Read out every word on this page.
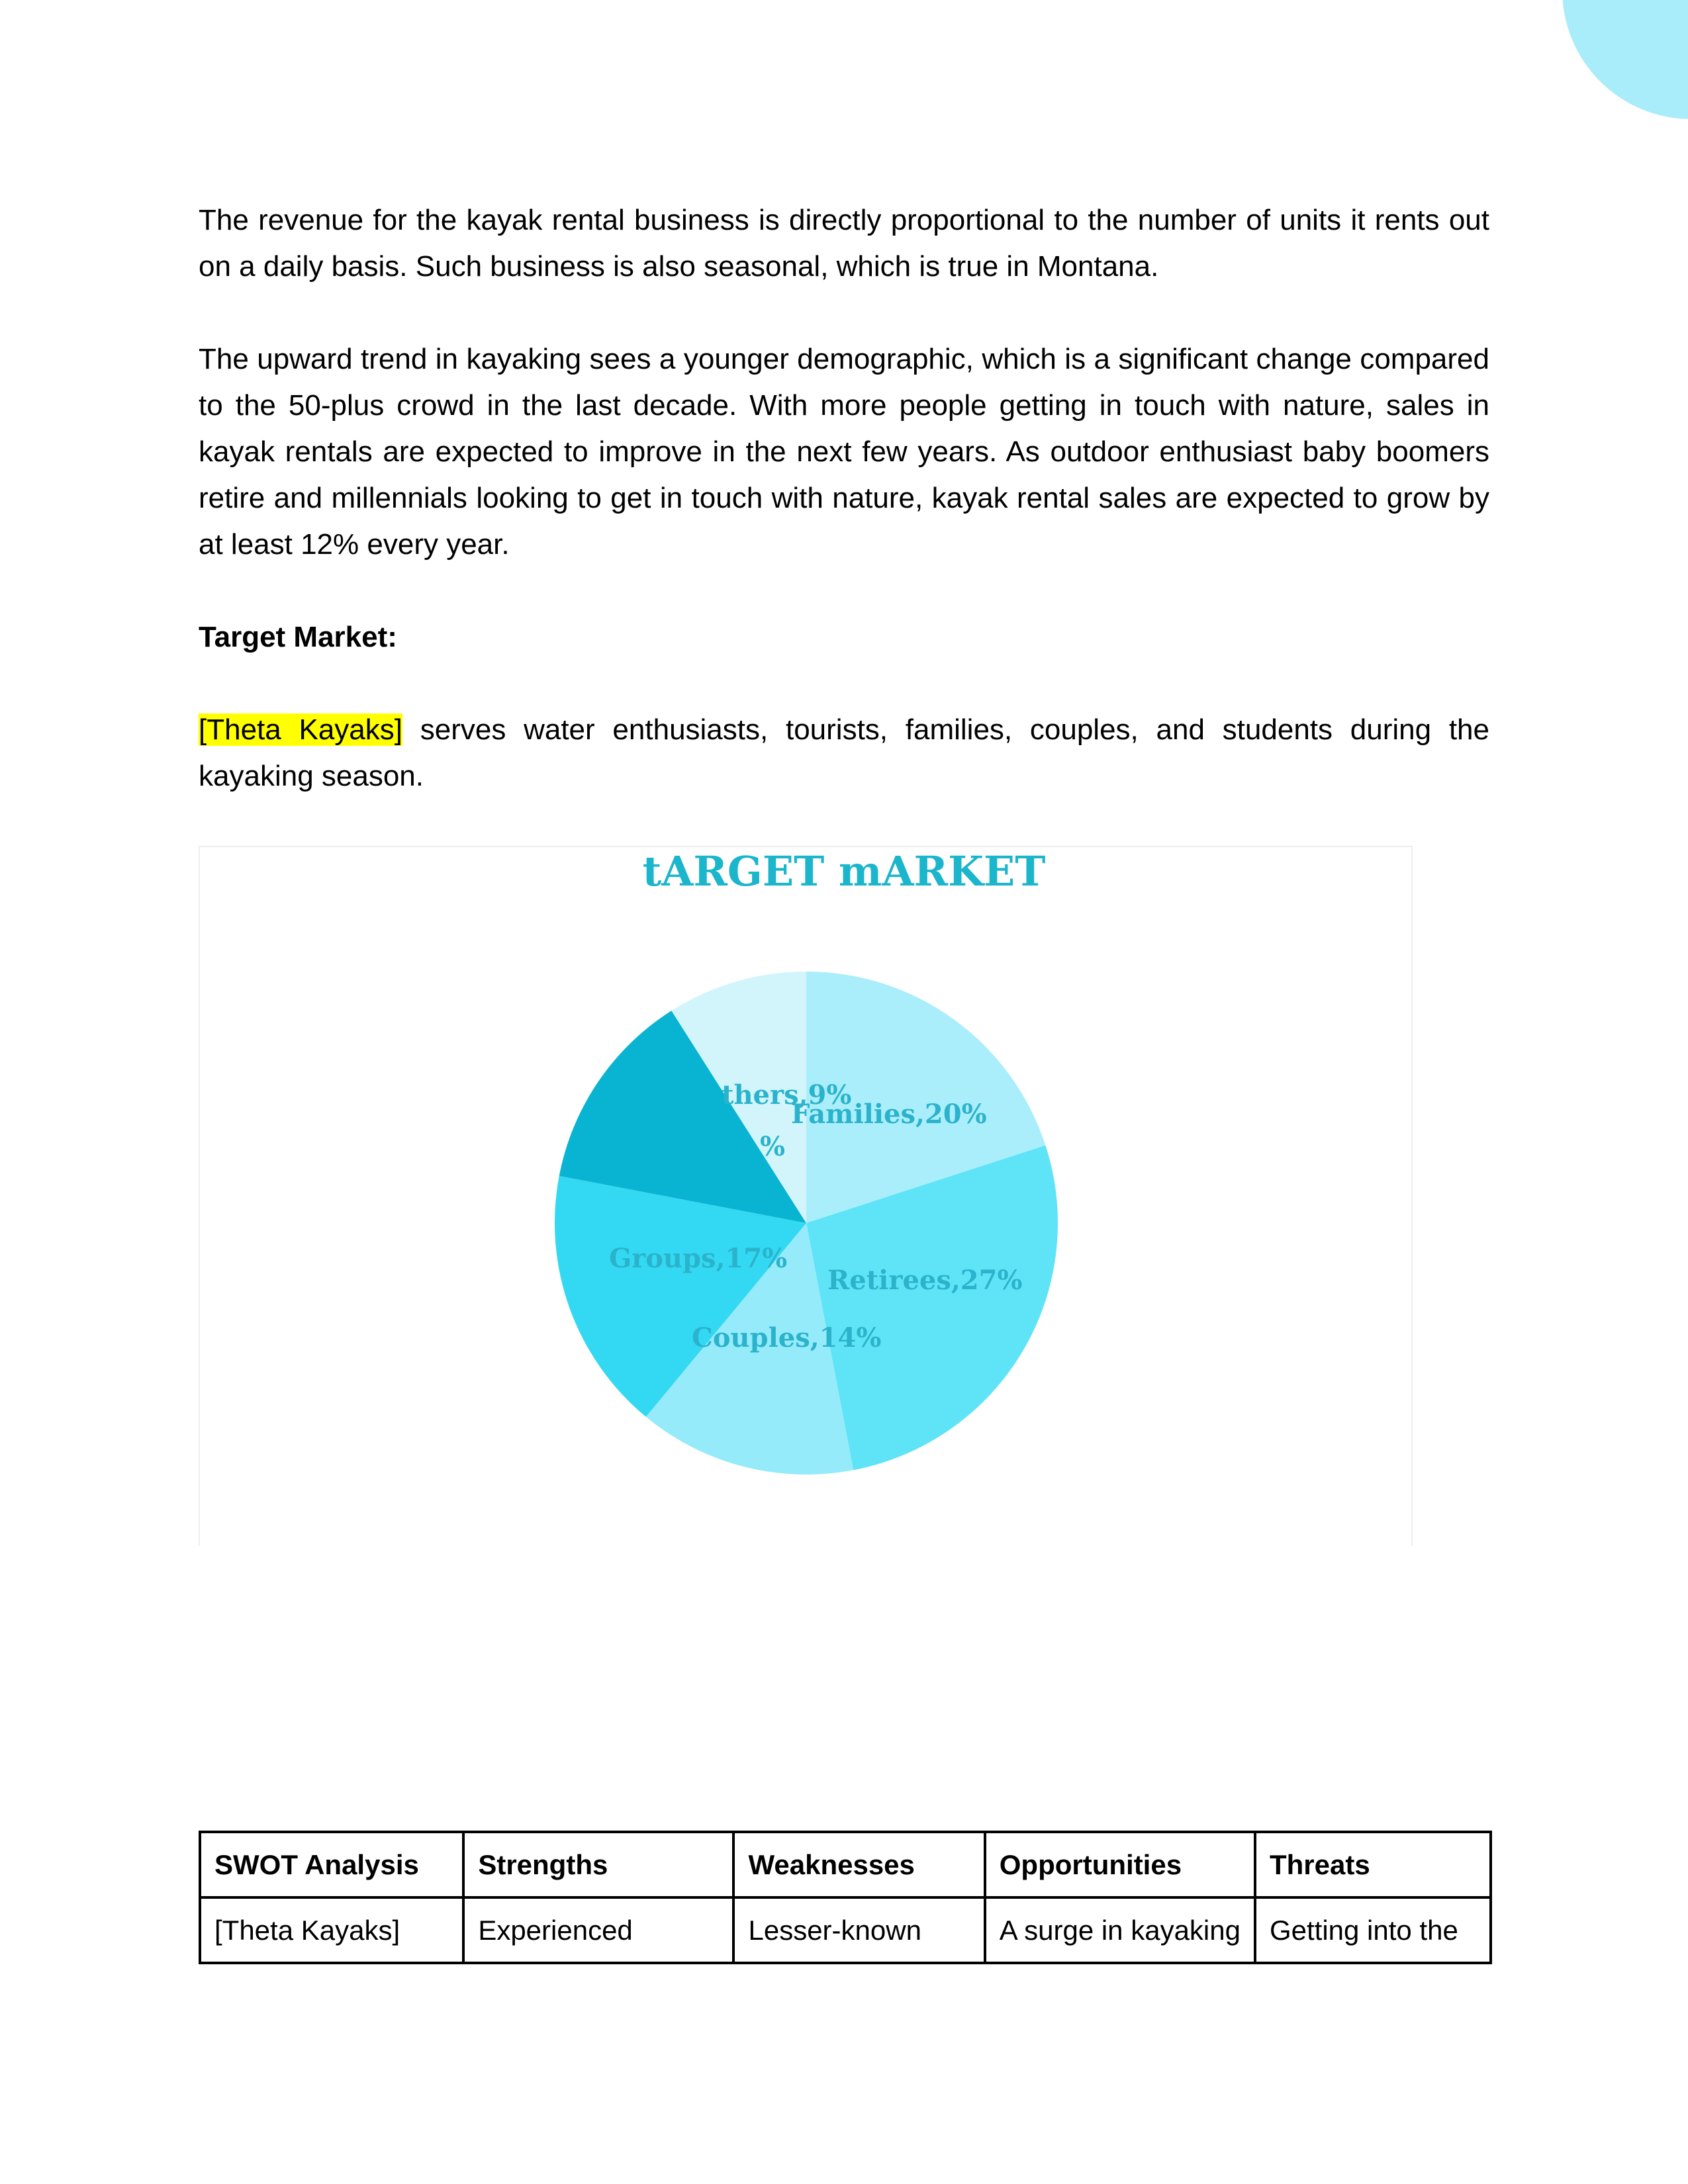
The revenue for the kayak rental business is directly proportional to the number of units it rents out on a daily basis. Such business is also seasonal, which is true in Montana.

The upward trend in kayaking sees a younger demographic, which is a significant change compared to the 50-plus crowd in the last decade. With more people getting in touch with nature, sales in kayak rentals are expected to improve in the next few years. As outdoor enthusiast baby boomers retire and millennials looking to get in touch with nature, kayak rental sales are expected to grow by at least 12% every year.

Target Market:

[Theta Kayaks] serves water enthusiasts, tourists, families, couples, and students during the kayaking season.

tARGET mARKET
Families,20%
Retirees,27%
Couples,14%
Groups,17%
%
thers,9%
SWOT Analysis	Strengths	Weaknesses	Opportunities	Threats
[Theta Kayaks]	Experienced	Lesser-known	A surge in kayaking	Getting into the
